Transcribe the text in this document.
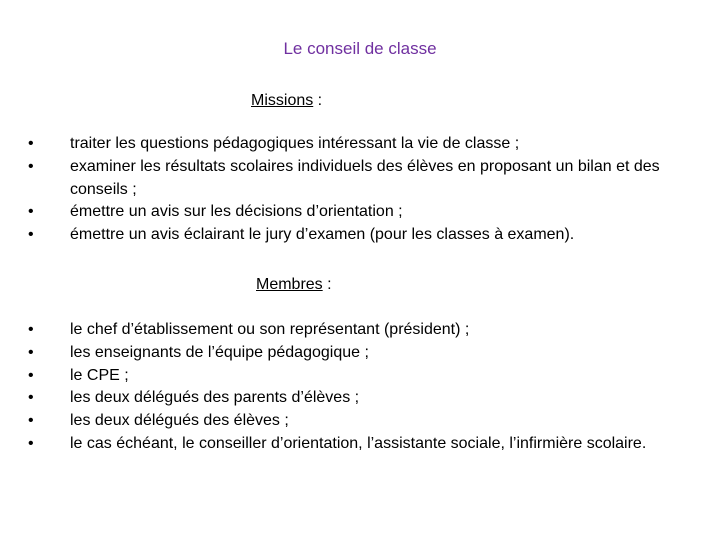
Le conseil de classe
Missions :
• traiter les questions pédagogiques intéressant la vie de classe ;
• examiner les résultats scolaires individuels des élèves en proposant un bilan et des conseils ;
• émettre un avis sur les décisions d’orientation ;
• émettre un avis éclairant le jury d’examen (pour les classes à examen).
Membres :
• le chef d’établissement ou son représentant (président) ;
• les enseignants de l’équipe pédagogique ;
• le CPE ;
• les deux délégués des parents d’élèves ;
• les deux délégués des élèves ;
• le cas échéant, le conseiller d’orientation, l’assistante sociale, l’infirmière scolaire.
